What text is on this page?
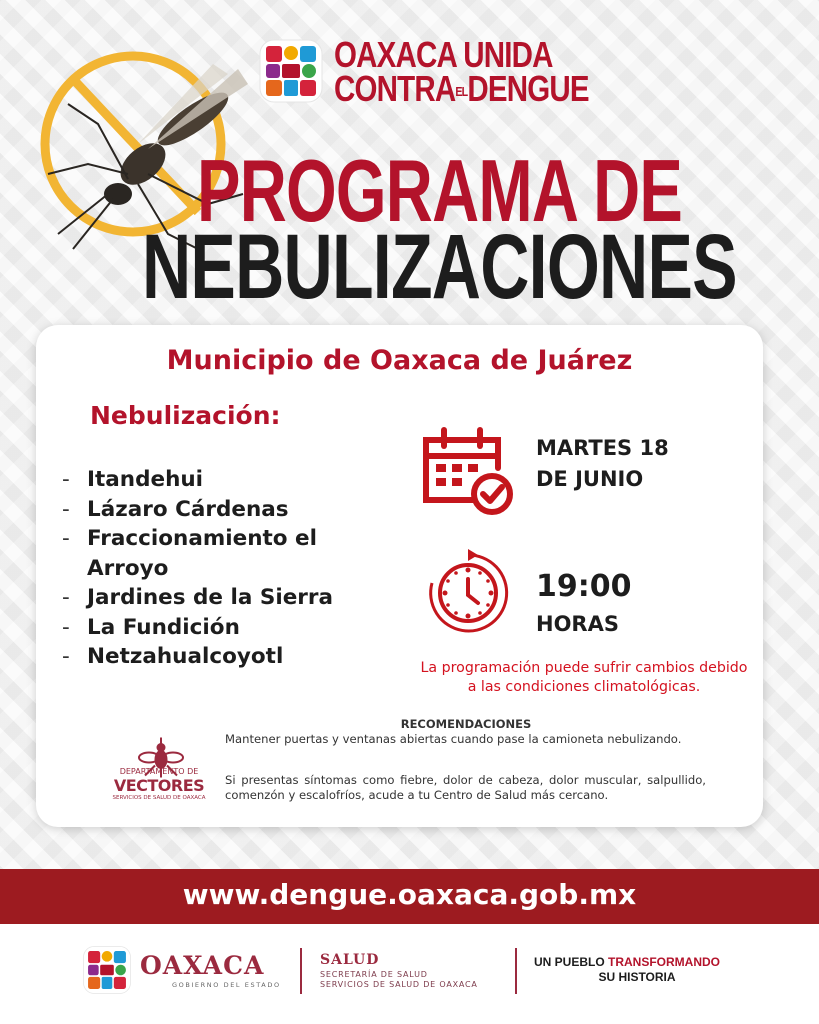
OAXACA UNIDA
CONTRAELDENGUE
PROGRAMA DE
NEBULIZACIONES
Municipio de Oaxaca de Juárez
Nebulización:
- Itandehui
- Lázaro Cárdenas
- Fraccionamiento el Arroyo
- Jardines de la Sierra
- La Fundición
- Netzahualcoyotl
MARTES 18
DE JUNIO
19:00
HORAS
La programación puede sufrir cambios debido a las condiciones climatológicas.
DEPARTAMENTO DE
VECTORES
SERVICIOS DE SALUD DE OAXACA
RECOMENDACIONES
Mantener puertas y ventanas abiertas cuando pase la camioneta nebulizando.
Si presentas síntomas como fiebre, dolor de cabeza, dolor muscular, salpullido, comenzón y escalofríos, acude a tu Centro de Salud más cercano.
www.dengue.oaxaca.gob.mx
OAXACA
GOBIERNO DEL ESTADO
SALUD
SECRETARÍA DE SALUD
SERVICIOS DE SALUD DE OAXACA
UN PUEBLO TRANSFORMANDO
SU HISTORIA
